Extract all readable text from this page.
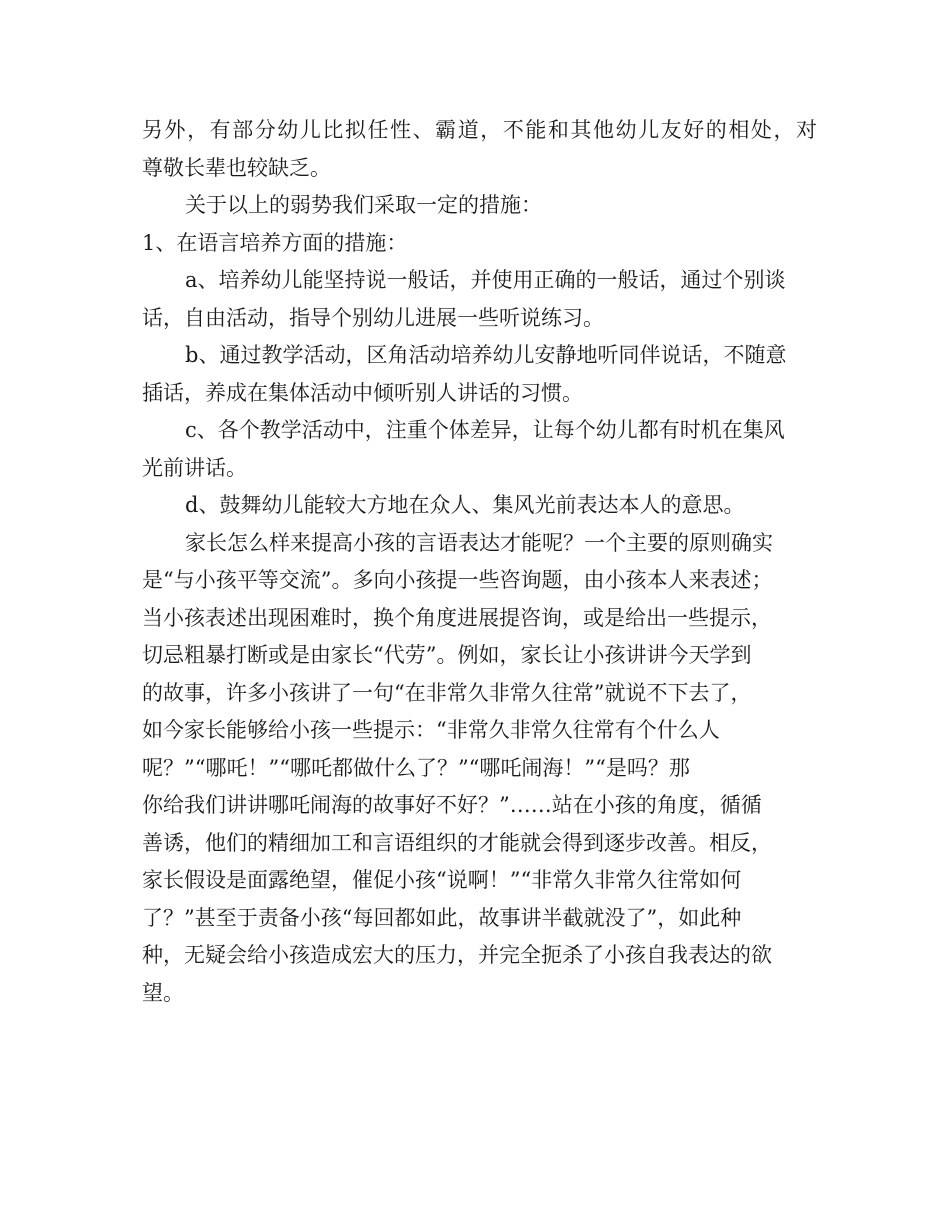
另外，有部分幼儿比拟任性、霸道，不能和其他幼儿友好的相处，对
尊敬长辈也较缺乏。
关于以上的弱势我们采取一定的措施：
1、在语言培养方面的措施：
a、培养幼儿能坚持说一般话，并使用正确的一般话，通过个别谈
话，自由活动，指导个别幼儿进展一些听说练习。
b、通过教学活动，区角活动培养幼儿安静地听同伴说话，不随意
插话，养成在集体活动中倾听别人讲话的习惯。
c、各个教学活动中，注重个体差异，让每个幼儿都有时机在集风
光前讲话。
d、鼓舞幼儿能较大方地在众人、集风光前表达本人的意思。
家长怎么样来提高小孩的言语表达才能呢？一个主要的原则确实
是“与小孩平等交流”。多向小孩提一些咨询题，由小孩本人来表述；
当小孩表述出现困难时，换个角度进展提咨询，或是给出一些提示，
切忌粗暴打断或是由家长“代劳”。例如，家长让小孩讲讲今天学到
的故事，许多小孩讲了一句“在非常久非常久往常”就说不下去了，
如今家长能够给小孩一些提示：“非常久非常久往常有个什么人
呢？”“哪吒！”“哪吒都做什么了？”“哪吒闹海！”“是吗？那
你给我们讲讲哪吒闹海的故事好不好？”……站在小孩的角度，循循
善诱，他们的精细加工和言语组织的才能就会得到逐步改善。相反，
家长假设是面露绝望，催促小孩“说啊！”“非常久非常久往常如何
了？”甚至于责备小孩“每回都如此，故事讲半截就没了”，如此种
种，无疑会给小孩造成宏大的压力，并完全扼杀了小孩自我表达的欲
望。
